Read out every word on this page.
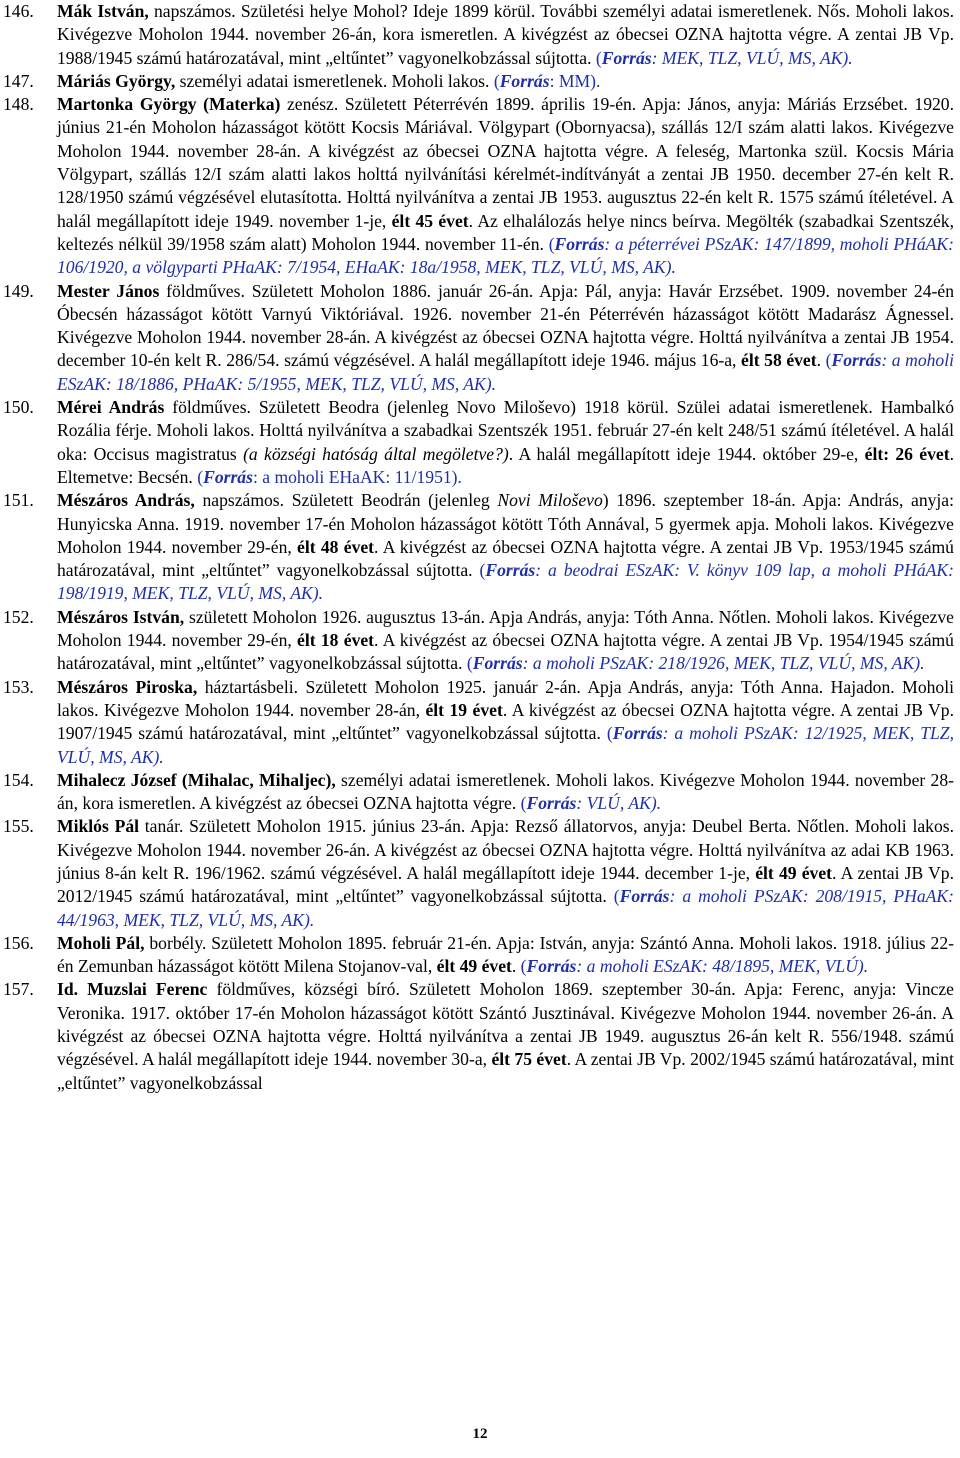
146. Mák István, napszámos. Születési helye Mohol? Ideje 1899 körül. További személyi adatai ismeretlenek. Nős. Moholi lakos. Kivégezve Moholon 1944. november 26-án, kora ismeretlen. A kivégzést az óbecsei OZNA hajtotta végre. A zentai JB Vp. 1988/1945 számú határozatával, mint „eltűntet” vagyonelkobzással sújtotta. (Forrás: MEK, TLZ, VLÚ, MS, AK).

147. Máriás György, személyi adatai ismeretlenek. Moholi lakos. (Forrás: MM).

148. Martonka György (Materka) zenész. Született Péterrévén 1899. április 19-én. Apja: János, anyja: Máriás Erzsébet. 1920. június 21-én Moholon házasságot kötött Kocsis Máriával. Völgypart (Obornyacsa), szállás 12/I szám alatti lakos. Kivégezve Moholon 1944. november 28-án. A kivégzést az óbecsei OZNA hajtotta végre. A feleség, Martonka szül. Kocsis Mária Völgypart, szállás 12/I szám alatti lakos holttá nyilvánítási kérelmét-indítványát a zentai JB 1950. december 27-én kelt R. 128/1950 számú végzésével elutasította. Holttá nyilvánítva a zentai JB 1953. augusztus 22-én kelt R. 1575 számú ítéletével. A halál megállapított ideje 1949. november 1-je, élt 45 évet. Az elhalálozás helye nincs beírva. Megölték (szabadkai Szentszék, keltezés nélkül 39/1958 szám alatt) Moholon 1944. november 11-én. (Forrás: a péterrévei PSzAK: 147/1899, moholi PHáAK: 106/1920, a völgyparti PHaAK: 7/1954, EHaAK: 18a/1958, MEK, TLZ, VLÚ, MS, AK).

149. Mester János földműves. Született Moholon 1886. január 26-án. Apja: Pál, anyja: Havár Erzsébet. 1909. november 24-én Óbecsén házasságot kötött Varnyú Viktóriával. 1926. november 21-én Péterrévén házasságot kötött Madarász Ágnessel. Kivégezve Moholon 1944. november 28-án. A kivégzést az óbecsei OZNA hajtotta végre. Holttá nyilvánítva a zentai JB 1954. december 10-én kelt R. 286/54. számú végzésével. A halál megállapított ideje 1946. május 16-a, élt 58 évet. (Forrás: a moholi ESzAK: 18/1886, PHaAK: 5/1955, MEK, TLZ, VLÚ, MS, AK).

150. Mérei András földműves. Született Beodra (jelenleg Novo Miloševo) 1918 körül. Szülei adatai ismeretlenek. Hambalkó Rozália férje. Moholi lakos. Holttá nyilvánítva a szabadkai Szentszék 1951. február 27-én kelt 248/51 számú ítéletével. A halál oka: Occisus magistratus (a községi hatóság által megöletve?). A halál megállapított ideje 1944. október 29-e, élt: 26 évet. Eltemetve: Becsén. (Forrás: a moholi EHaAK: 11/1951).

151. Mészáros András, napszámos. Született Beodrán (jelenleg Novi Miloševo) 1896. szeptember 18-án. Apja: András, anyja: Hunyicska Anna. 1919. november 17-én Moholon házasságot kötött Tóth Annával, 5 gyermek apja. Moholi lakos. Kivégezve Moholon 1944. november 29-én, élt 48 évet. A kivégzést az óbecsei OZNA hajtotta végre. A zentai JB Vp. 1953/1945 számú határozatával, mint „eltűntet” vagyonelkobzással sújtotta. (Forrás: a beodrai ESzAK: V. könyv 109 lap, a moholi PHáAK: 198/1919, MEK, TLZ, VLÚ, MS, AK).

152. Mészáros István, született Moholon 1926. augusztus 13-án. Apja András, anyja: Tóth Anna. Nőtlen. Moholi lakos. Kivégezve Moholon 1944. november 29-én, élt 18 évet. A kivégzést az óbecsei OZNA hajtotta végre. A zentai JB Vp. 1954/1945 számú határozatával, mint „eltűntet” vagyonelkobzással sújtotta. (Forrás: a moholi PSzAK: 218/1926, MEK, TLZ, VLÚ, MS, AK).

153. Mészáros Piroska, háztartásbeli. Született Moholon 1925. január 2-án. Apja András, anyja: Tóth Anna. Hajadon. Moholi lakos. Kivégezve Moholon 1944. november 28-án, élt 19 évet. A kivégzést az óbecsei OZNA hajtotta végre. A zentai JB Vp. 1907/1945 számú határozatával, mint „eltűntet” vagyonelkobzással sújtotta. (Forrás: a moholi PSzAK: 12/1925, MEK, TLZ, VLÚ, MS, AK).

154. Mihalecz József (Mihalac, Mihaljec), személyi adatai ismeretlenek. Moholi lakos. Kivégezve Moholon 1944. november 28-án, kora ismeretlen. A kivégzést az óbecsei OZNA hajtotta végre. (Forrás: VLÚ, AK).

155. Miklós Pál tanár. Született Moholon 1915. június 23-án. Apja: Rezső állatorvos, anyja: Deubel Berta. Nőtlen. Moholi lakos. Kivégezve Moholon 1944. november 26-án. A kivégzést az óbecsei OZNA hajtotta végre. Holttá nyilvánítva az adai KB 1963. június 8-án kelt R. 196/1962. számú végzésével. A halál megállapított ideje 1944. december 1-je, élt 49 évet. A zentai JB Vp. 2012/1945 számú határozatával, mint „eltűntet” vagyonelkobzással sújtotta. (Forrás: a moholi PSzAK: 208/1915, PHaAK: 44/1963, MEK, TLZ, VLÚ, MS, AK).

156. Moholi Pál, borbély. Született Moholon 1895. február 21-én. Apja: István, anyja: Szántó Anna. Moholi lakos. 1918. július 22-én Zemunban házasságot kötött Milena Stojanov-val, élt 49 évet. (Forrás: a moholi ESzAK: 48/1895, MEK, VLÚ).

157. Id. Muzslai Ferenc földműves, községi bíró. Született Moholon 1869. szeptember 30-án. Apja: Ferenc, anyja: Vincze Veronika. 1917. október 17-én Moholon házasságot kötött Szántó Jusztinával. Kivégezve Moholon 1944. november 26-án. A kivégzést az óbecsei OZNA hajtotta végre. Holttá nyilvánítva a zentai JB 1949. augusztus 26-án kelt R. 556/1948. számú végzésével. A halál megállapított ideje 1944. november 30-a, élt 75 évet. A zentai JB Vp. 2002/1945 számú határozatával, mint „eltűntet” vagyonelkobzással

12
